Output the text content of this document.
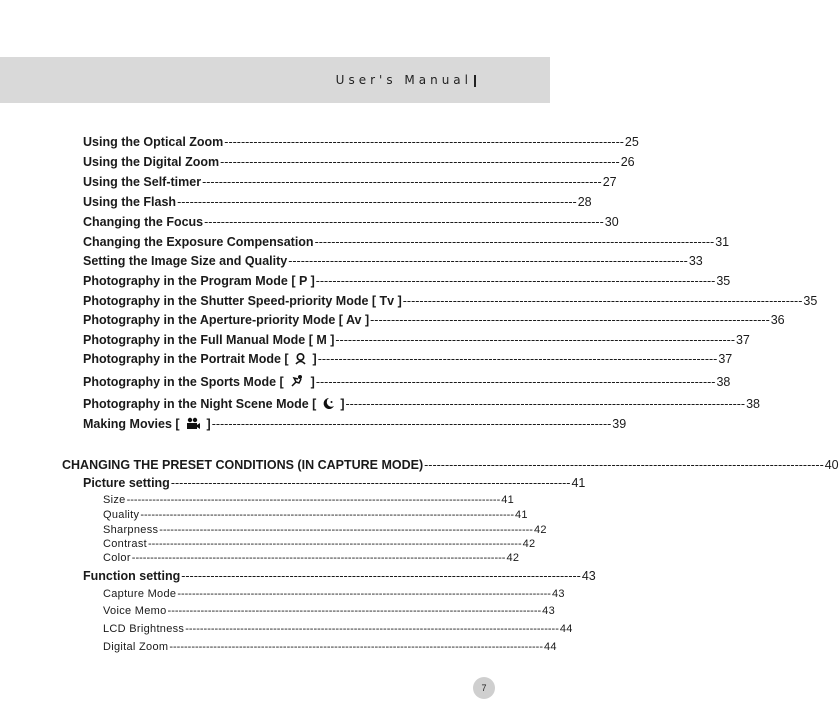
User's Manual
Using the Optical Zoom ------------------------------------------------------------------------------------------------ 25
Using the Digital Zoom ------------------------------------------------------------------------------------------------ 26
Using the Self-timer ------------------------------------------------------------------------------------------------ 27
Using the Flash ------------------------------------------------------------------------------------------------ 28
Changing the Focus ------------------------------------------------------------------------------------------------ 30
Changing the Exposure Compensation ------------------------------------------------------------------------------------------------ 31
Setting the Image Size and Quality ------------------------------------------------------------------------------------------------ 33
Photography in the Program Mode [ P ] ------------------------------------------------------------------------------------------------ 35
Photography in the Shutter Speed-priority Mode [ Tv ] ------------------------------------------------------------------------------------------------ 35
Photography in the Aperture-priority Mode [ Av ] ------------------------------------------------------------------------------------------------ 36
Photography in the Full Manual Mode [ M ] ------------------------------------------------------------------------------------------------ 37
Photography in the Portrait Mode [ ] ------------------------------------------------------------------------------------------------ 37
Photography in the Sports Mode [ ] ------------------------------------------------------------------------------------------------ 38
Photography in the Night Scene Mode [ ] ------------------------------------------------------------------------------------------------ 38
Making Movies [ ] ------------------------------------------------------------------------------------------------ 39
CHANGING THE PRESET CONDITIONS (IN CAPTURE MODE) ------------------------------------------------------------------------------------------------ 40
Picture setting ------------------------------------------------------------------------------------------------ 41
Size ------------------------------------------------------------------------------------------------------ 41
Quality ------------------------------------------------------------------------------------------------------ 41
Sharpness ------------------------------------------------------------------------------------------------------ 42
Contrast ------------------------------------------------------------------------------------------------------ 42
Color ------------------------------------------------------------------------------------------------------ 42
Function setting ------------------------------------------------------------------------------------------------ 43
Capture Mode ------------------------------------------------------------------------------------------------------ 43
Voice Memo ------------------------------------------------------------------------------------------------------ 43
LCD Brightness ------------------------------------------------------------------------------------------------------ 44
Digital Zoom ------------------------------------------------------------------------------------------------------ 44
7
